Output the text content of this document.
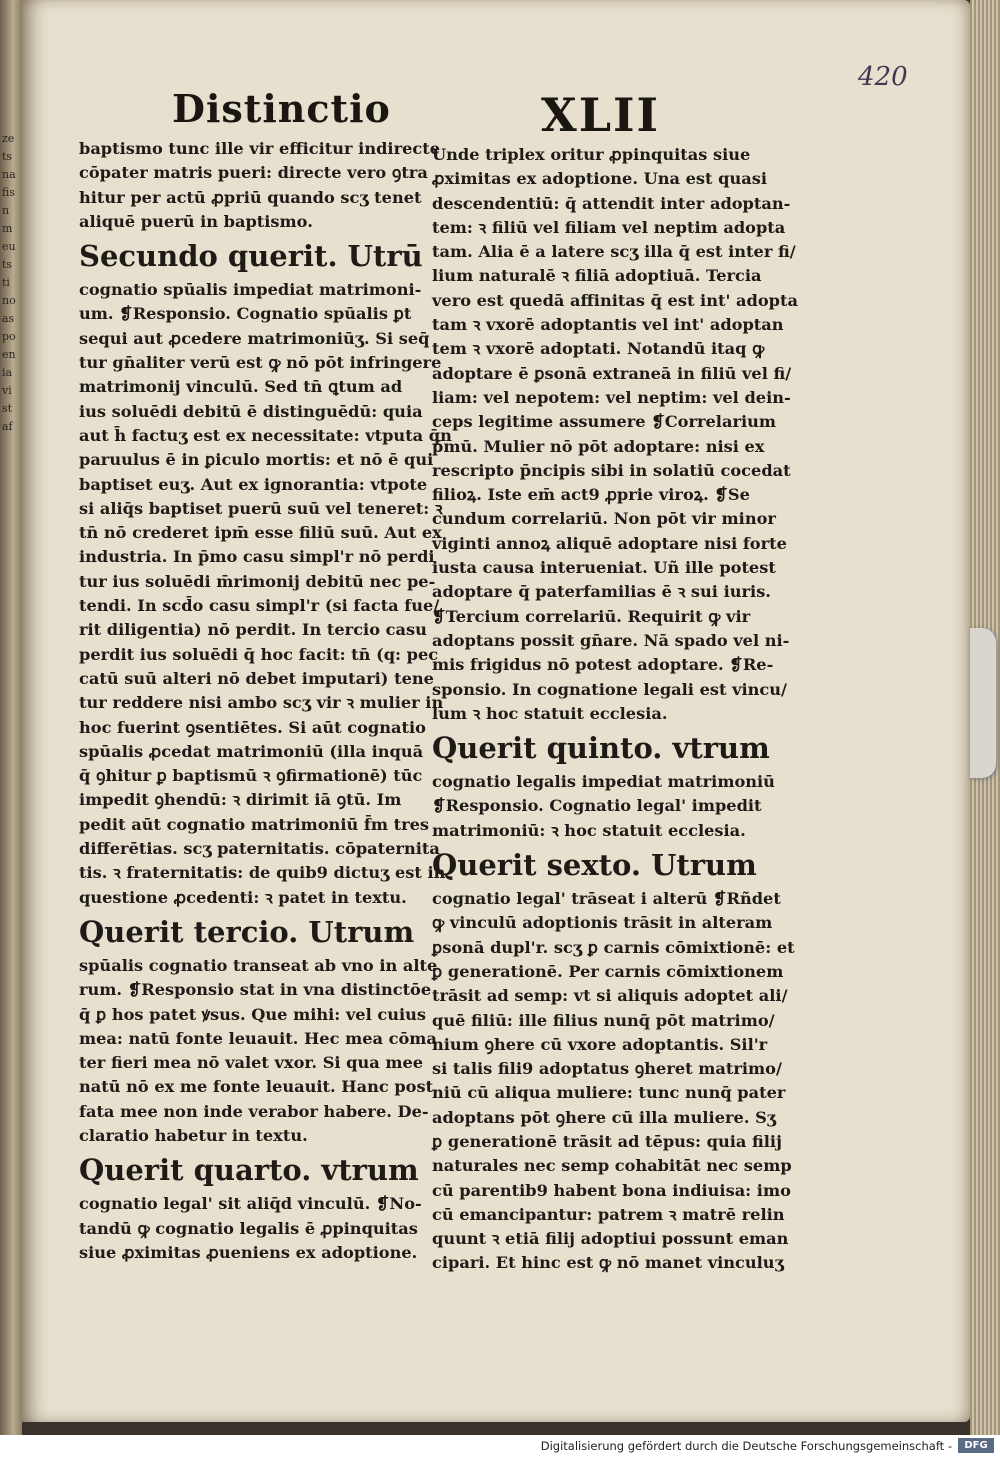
zetsnafisnmeutstinoaspoeniavistaf
420
Distinctio	XLII
baptismo tunc ille vir efficitur indirecte
cōpater matris pueri: directe vero ꝯtra
hitur per actū ꝓpriū quando scʒ tenet
aliquē puerū in baptismo.
Secundo querit. Utrū
cognatio spūalis impediat matrimoni-
um. ❡Responsio. Cognatio spūalis ꝑt
sequi aut ꝓcedere matrimoniūʒ. Si seq̄
tur gn̄aliter verū est ꝙ nō pōt infringere
matrimonij vinculū. Sed tn̄ ꝗtum ad
ius soluēdi debitū ē distinguēdū: quia
aut h̄ factuʒ est ex necessitate: vtputa q̄n
paruulus ē in ꝑiculo mortis: et nō ē qui
baptiset euʒ. Aut ex ignorantia: vtpote
si aliq̄s baptiset puerū suū vel teneret: ꝛ
tn̄ nō crederet ipm̄ esse filiū suū. Aut ex
industria. In p̄mo casu simpl'r nō perdi
tur ius soluēdi m̄rimonij debitū nec pe-
tendi. In scd̄o casu simpl'r (si facta fue/
rit diligentia) nō perdit. In tercio casu
perdit ius soluēdi q̄ hoc facit: tn̄ (q: pec
catū suū alteri nō debet imputari) tene
tur reddere nisi ambo scʒ vir ꝛ mulier in
hoc fuerint ꝯsentiētes. Si aūt cognatio
spūalis ꝓcedat matrimoniū (illa inquā
q̄ ꝯhitur ꝑ baptismū ꝛ ꝯfirmationē) tūc
impedit ꝯhendū: ꝛ dirimit iā ꝯtū. Im
pedit aūt cognatio matrimoniū f̄m tres
differētias. scʒ paternitatis. cōpaternita
tis. ꝛ fraternitatis: de quib9 dictuʒ est in
questione ꝓcedenti: ꝛ patet in textu.
Querit tercio. Utrum
spūalis cognatio transeat ab vno in alte
rum. ❡Responsio stat in vna distinctōe
q̄ ꝑ hos patet ꝟsus. Que mihi: vel cuius
mea: natū fonte leuauit. Hec mea cōma
ter fieri mea nō valet vxor. Si qua mee
natū nō ex me fonte leuauit. Hanc post
fata mee non inde verabor habere. De-
claratio habetur in textu.
Querit quarto. vtrum
cognatio legal' sit aliq̄d vinculū. ❡No-
tandū ꝙ cognatio legalis ē ꝓpinquitas
siue ꝓximitas ꝓueniens ex adoptione.
Unde triplex oritur ꝓpinquitas siue
ꝓximitas ex adoptione. Una est quasi
descendentiū: q̄ attendit inter adoptan-
tem: ꝛ filiū vel filiam vel neptim adopta
tam. Alia ē a latere scʒ illa q̄ est inter fi/
lium naturalē ꝛ filiā adoptiuā. Tercia
vero est quedā affinitas q̄ est int' adopta
tam ꝛ vxorē adoptantis vel int' adoptan
tem ꝛ vxorē adoptati. Notandū itaq ꝙ
adoptare ē ꝑsonā extraneā in filiū vel fi/
liam: vel nepotem: vel neptim: vel dein-
ceps legitime assumere ❡Correlarium
p̄mū. Mulier nō pōt adoptare: nisi ex
rescripto p̄ncipis sibi in solatiū cocedat
filioꝝ. Iste em̄ act9 ꝓprie viroꝝ. ❡Se
cundum correlariū. Non pōt vir minor
viginti annoꝝ aliquē adoptare nisi forte
iusta causa interueniat. Uñ ille potest
adoptare q̄ paterfamilias ē ꝛ sui iuris.
❡Tercium correlariū. Requirit ꝙ vir
adoptans possit gn̄are. Nā spado vel ni-
mis frigidus nō potest adoptare. ❡Re-
sponsio. In cognatione legali est vincu/
lum ꝛ hoc statuit ecclesia.
Querit quinto. vtrum
cognatio legalis impediat matrimoniū
❡Responsio. Cognatio legal' impedit
matrimoniū: ꝛ hoc statuit ecclesia.
Querit sexto. Utrum
cognatio legal' trāseat i alterū ❡Rñdet
ꝙ vinculū adoptionis trāsit in alteram
ꝑsonā dupl'r. scʒ ꝑ carnis cōmixtionē: et
ꝑ generationē. Per carnis cōmixtionem
trāsit ad semp: vt si aliquis adoptet ali/
quē filiū: ille filius nunq̄ pōt matrimo/
nium ꝯhere cū vxore adoptantis. Sil'r
si talis fili9 adoptatus ꝯheret matrimo/
niū cū aliqua muliere: tunc nunq̄ pater
adoptans pōt ꝯhere cū illa muliere. Sʒ
ꝑ generationē trāsit ad tēpus: quia filij
naturales nec semp cohabitāt nec semp
cū parentib9 habent bona indiuisa: imo
cū emancipantur: patrem ꝛ matrē relin
quunt ꝛ etiā filij adoptiui possunt eman
cipari. Et hinc est ꝙ nō manet vinculuʒ
Digitalisierung gefördert durch die Deutsche Forschungsgemeinschaft -	DFG
